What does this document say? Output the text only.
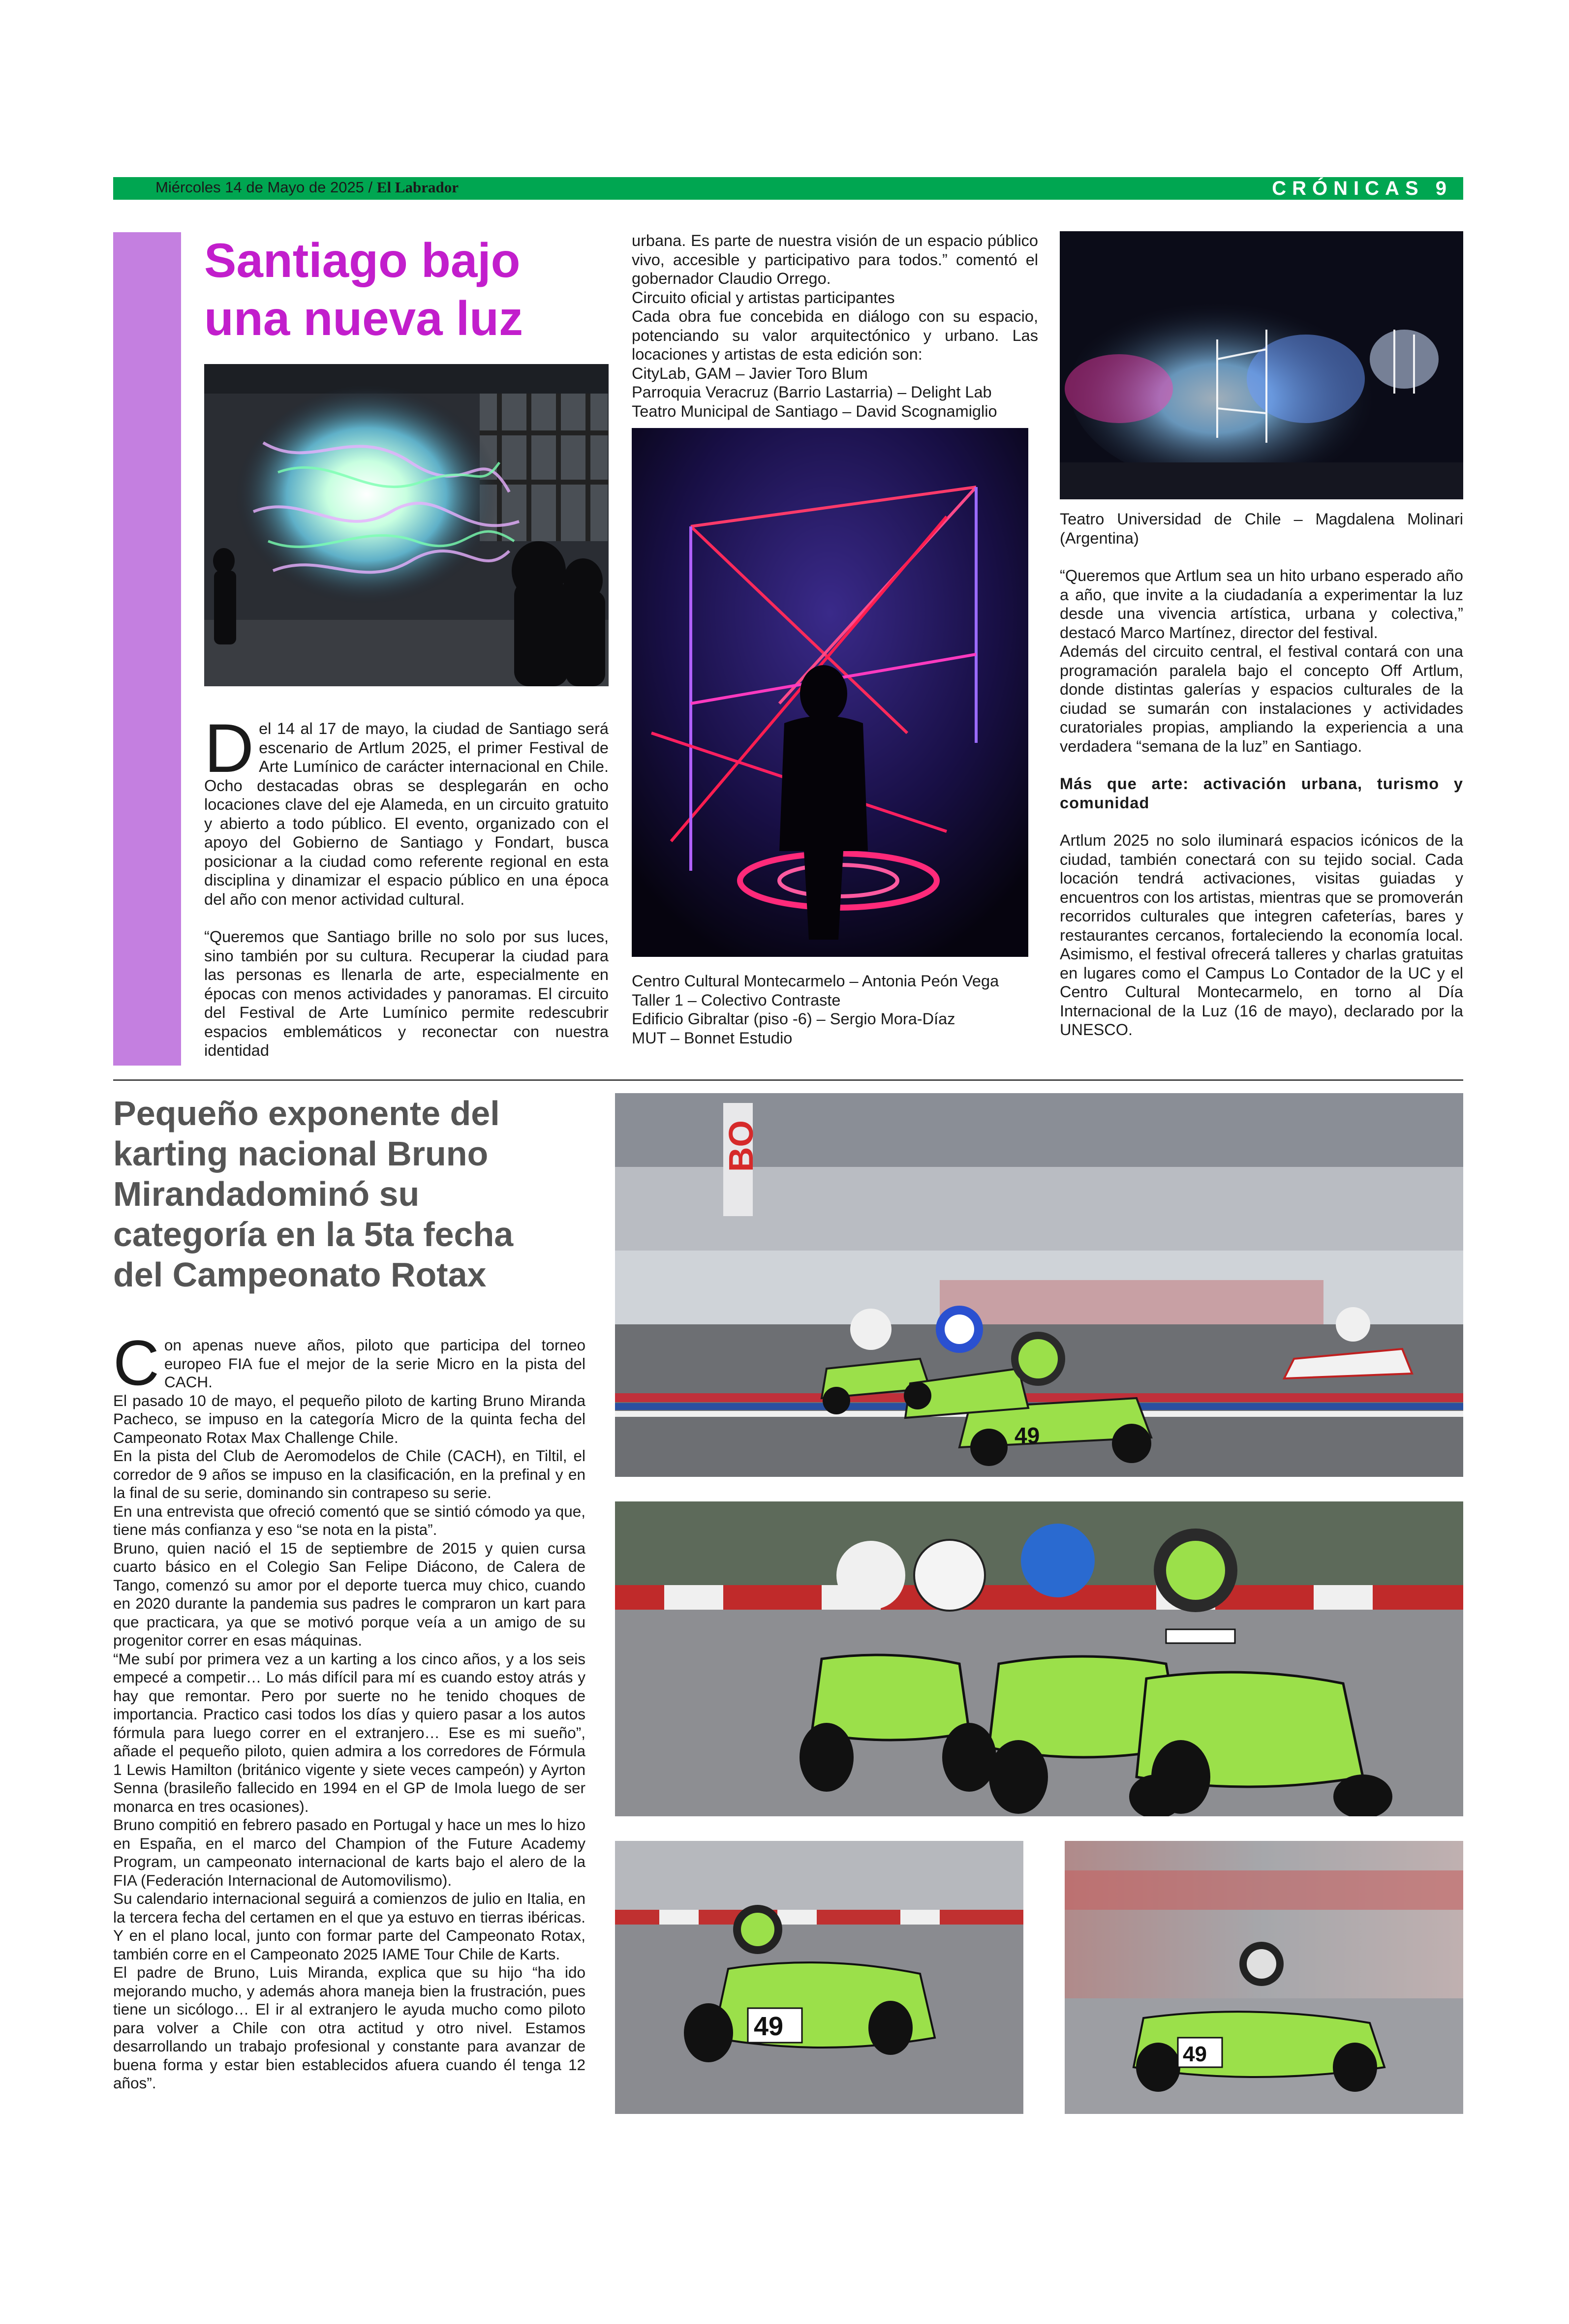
Miércoles 14 de Mayo de 2025 / El Labrador	CRÓNICAS 9
Santiago bajo una nueva luz
D el 14 al 17 de mayo, la ciudad de Santiago será escenario de Artlum 2025, el primer Festival de Arte Lumínico de carácter internacional en Chile. Ocho destacadas obras se desplegarán en ocho locaciones clave del eje Alameda, en un circuito gratuito y abierto a todo público. El evento, organizado con el apoyo del Gobierno de Santiago y Fondart, busca posicionar a la ciudad como referente regional en esta disciplina y dinamizar el espacio público en una época del año con menor actividad cultural.

“Queremos que Santiago brille no solo por sus luces, sino también por su cultura. Recuperar la ciudad para las personas es llenarla de arte, especialmente en épocas con menos actividades y panoramas. El circuito del Festival de Arte Lumínico permite redescubrir espacios emblemáticos y reconectar con nuestra identidad

urbana. Es parte de nuestra visión de un espacio público vivo, accesible y participativo para todos.” comentó el gobernador Claudio Orrego.

Circuito oficial y artistas participantes

Cada obra fue concebida en diálogo con su espacio, potenciando su valor arquitectónico y urbano. Las locaciones y artistas de esta edición son:

CityLab, GAM – Javier Toro Blum

Parroquia Veracruz (Barrio Lastarria) – Delight Lab

Teatro Municipal de Santiago – David Scognamiglio

Centro Cultural Montecarmelo – Antonia Peón Vega

Taller 1 – Colectivo Contraste

Edificio Gibraltar (piso -6) – Sergio Mora-Díaz

MUT – Bonnet Estudio

Teatro Universidad de Chile – Magdalena Molinari (Argentina)

“Queremos que Artlum sea un hito urbano esperado año a año, que invite a la ciudadanía a experimentar la luz desde una vivencia artística, urbana y colectiva,” destacó Marco Martínez, director del festival.

Además del circuito central, el festival contará con una programación paralela bajo el concepto Off Artlum, donde distintas galerías y espacios culturales de la ciudad se sumarán con instalaciones y actividades curatoriales propias, ampliando la experiencia a una verdadera “semana de la luz” en Santiago.

Más que arte: activación urbana, turismo y comunidad

Artlum 2025 no solo iluminará espacios icónicos de la ciudad, también conectará con su tejido social. Cada locación tendrá activaciones, visitas guiadas y encuentros con los artistas, mientras que se promoverán recorridos culturales que integren cafeterías, bares y restaurantes cercanos, fortaleciendo la economía local. Asimismo, el festival ofrecerá talleres y charlas gratuitas en lugares como el Campus Lo Contador de la UC y el Centro Cultural Montecarmelo, en torno al Día Internacional de la Luz (16 de mayo), declarado por la UNESCO.

Pequeño exponente del karting nacional Bruno Mirandadominó su categoría en la 5ta fecha del Campeonato Rotax
C on apenas nueve años, piloto que participa del torneo europeo FIA fue el mejor de la serie Micro en la pista del CACH.

El pasado 10 de mayo, el pequeño piloto de karting Bruno Miranda Pacheco, se impuso en la categoría Micro de la quinta fecha del Campeonato Rotax Max Challenge Chile.

En la pista del Club de Aeromodelos de Chile (CACH), en Tiltil, el corredor de 9 años se impuso en la clasificación, en la prefinal y en la final de su serie, dominando sin contrapeso su serie.

En una entrevista que ofreció comentó que se sintió cómodo ya que, tiene más confianza y eso “se nota en la pista”.

Bruno, quien nació el 15 de septiembre de 2015 y quien cursa cuarto básico en el Colegio San Felipe Diácono, de Calera de Tango, comenzó su amor por el deporte tuerca muy chico, cuando en 2020 durante la pandemia sus padres le compraron un kart para que practicara, ya que se motivó porque veía a un amigo de su progenitor correr en esas máquinas.

“Me subí por primera vez a un karting a los cinco años, y a los seis empecé a competir… Lo más difícil para mí es cuando estoy atrás y hay que remontar. Pero por suerte no he tenido choques de importancia. Practico casi todos los días y quiero pasar a los autos fórmula para luego correr en el extranjero… Ese es mi sueño”, añade el pequeño piloto, quien admira a los corredores de Fórmula 1 Lewis Hamilton (británico vigente y siete veces campeón) y Ayrton Senna (brasileño fallecido en 1994 en el GP de Imola luego de ser monarca en tres ocasiones).

Bruno compitió en febrero pasado en Portugal y hace un mes lo hizo en España, en el marco del Champion of the Future Academy Program, un campeonato internacional de karts bajo el alero de la FIA (Federación Internacional de Automovilismo).

Su calendario internacional seguirá a comienzos de julio en Italia, en la tercera fecha del certamen en el que ya estuvo en tierras ibéricas. Y en el plano local, junto con formar parte del Campeonato Rotax, también corre en el Campeonato 2025 IAME Tour Chile de Karts.

El padre de Bruno, Luis Miranda, explica que su hijo “ha ido mejorando mucho, y además ahora maneja bien la frustración, pues tiene un sicólogo… El ir al extranjero le ayuda mucho como piloto para volver a Chile con otra actitud y otro nivel. Estamos desarrollando un trabajo profesional y constante para avanzar de buena forma y estar bien establecidos afuera cuando él tenga 12 años”.

BO
49
49
49
